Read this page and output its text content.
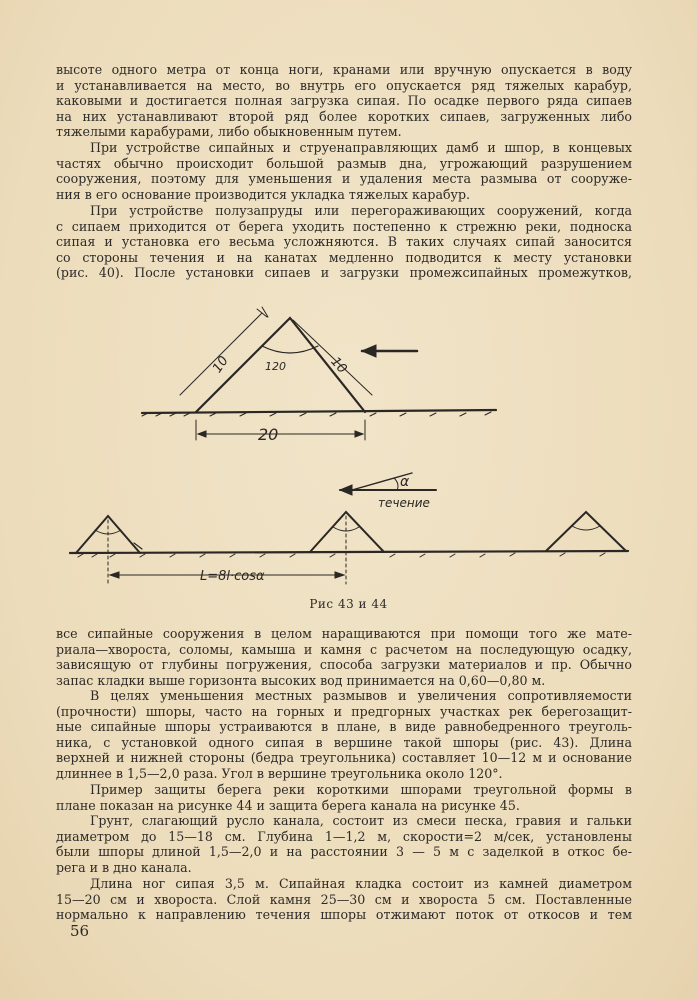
высоте одного метра от конца ноги, кранами или вручную опускается в воду
и устанавливается на место, во внутрь его опускается ряд тяжелых карабур,
каковыми и достигается полная загрузка сипая. По осадке первого ряда сипаев
на них устанавливают второй ряд более коротких сипаев, загруженных либо
тяжелыми карабурами, либо обыкновенным путем.
При устройстве сипайных и струенаправляющих дамб и шпор, в концевых
частях обычно происходит большой размыв дна, угрожающий разрушением
сооружения, поэтому для уменьшения и удаления места размыва от сооруже-
ния в его основание производится укладка тяжелых карабур.
При устройстве полузапруды или перегораживающих сооружений, когда
с сипаем приходится от берега уходить постепенно к стрежню реки, подноска
сипая и установка его весьма усложняются. В таких случаях сипай заносится
со стороны течения и на канатах медленно подводится к месту установки
(рис. 40). После установки сипаев и загрузки промежсипайных промежутков,
10	10
120
20
α
течение
L=8l·cosα
Рис 43 и 44
все сипайные сооружения в целом наращиваются при помощи того же мате-
риала—хвороста, соломы, камыша и камня с расчетом на последующую осадку,
зависящую от глубины погружения, способа загрузки материалов и пр. Обычно
запас кладки выше горизонта высоких вод принимается на 0,60—0,80 м.
В целях уменьшения местных размывов и увеличения сопротивляемости
(прочности) шпоры, часто на горных и предгорных участках рек берегозащит-
ные сипайные шпоры устраиваются в плане, в виде равнобедренного треуголь-
ника, с установкой одного сипая в вершине такой шпоры (рис. 43). Длина
верхней и нижней стороны (бедра треугольника) составляет 10—12 м и основание
длиннее в 1,5—2,0 раза. Угол в вершине треугольника около 120°.
Пример защиты берега реки короткими шпорами треугольной формы в
плане показан на рисунке 44 и защита берега канала на рисунке 45.
Грунт, слагающий русло канала, состоит из смеси песка, гравия и гальки
диаметром до 15—18 см. Глубина 1—1,2 м, скорости=2 м/сек, установлены
были шпоры длиной 1,5—2,0 и на расстоянии 3 — 5 м с заделкой в откос бе-
рега и в дно канала.
Длина ног сипая 3,5 м. Сипайная кладка состоит из камней диаметром
15—20 см и хвороста. Слой камня 25—30 см и хвороста 5 см. Поставленные
нормально к направлению течения шпоры отжимают поток от откосов и тем
56
